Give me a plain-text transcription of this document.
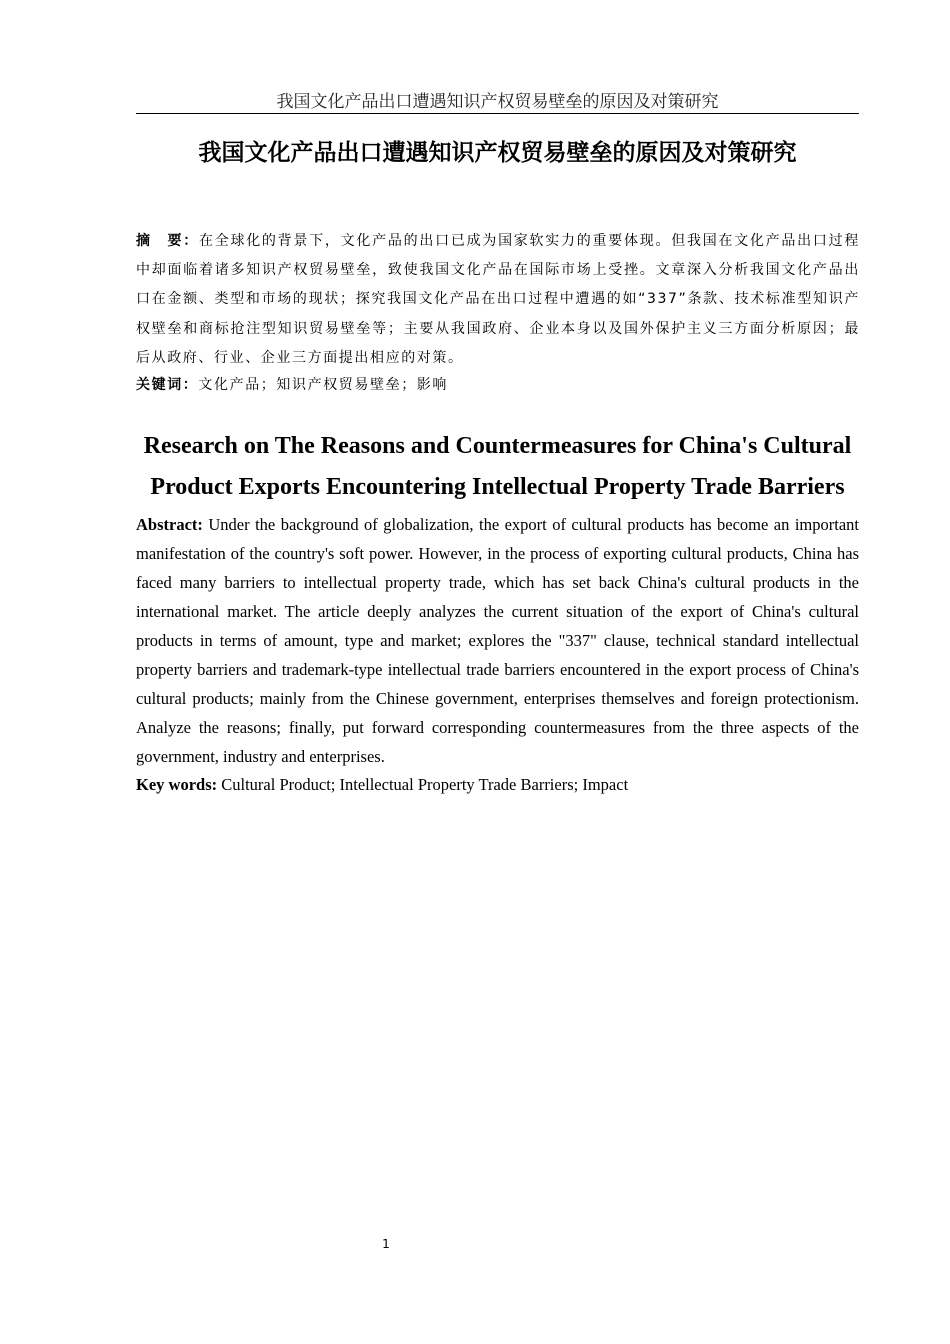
我国文化产品出口遭遇知识产权贸易壁垒的原因及对策研究
我国文化产品出口遭遇知识产权贸易壁垒的原因及对策研究

摘　要：在全球化的背景下，文化产品的出口已成为国家软实力的重要体现。但我国在文化产品出口过程中却面临着诸多知识产权贸易壁垒，致使我国文化产品在国际市场上受挫。文章深入分析我国文化产品出口在金额、类型和市场的现状；探究我国文化产品在出口过程中遭遇的如“337”条款、技术标准型知识产权壁垒和商标抢注型知识贸易壁垒等；主要从我国政府、企业本身以及国外保护主义三方面分析原因；最后从政府、行业、企业三方面提出相应的对策。

关键词：文化产品；知识产权贸易壁垒；影响

Research on The Reasons and Countermeasures for China's Cultural Product Exports Encountering Intellectual Property Trade Barriers

Abstract: Under the background of globalization, the export of cultural products has become an important manifestation of the country's soft power. However, in the process of exporting cultural products, China has faced many barriers to intellectual property trade, which has set back China's cultural products in the international market. The article deeply analyzes the current situation of the export of China's cultural products in terms of amount, type and market; explores the "337" clause, technical standard intellectual property barriers and trademark-type intellectual trade barriers encountered in the export process of China's cultural products; mainly from the Chinese government, enterprises themselves and foreign protectionism. Analyze the reasons; finally, put forward corresponding countermeasures from the three aspects of the government, industry and enterprises.

Key words: Cultural Product; Intellectual Property Trade Barriers; Impact

1
